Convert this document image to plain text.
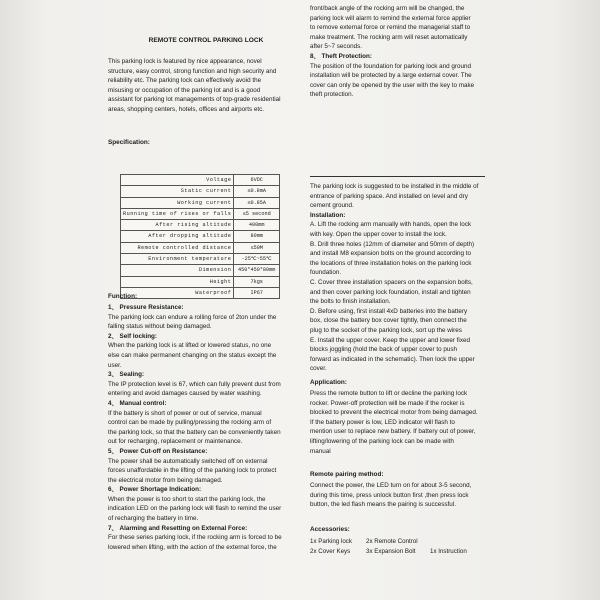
REMOTE CONTROL PARKING LOCK
This parking lock is featured by nice appearance, novel
structure, easy control, strong function and high security and
reliability etc. The parking lock can effectively avoid the
misusing or occupation of the parking lot and is a good
assistant for parking lot managements of top-grade residential
areas, shopping centers, hotels, offices and airports etc.
Specification:
Voltage	6VDC
Static current	≤0.8mA
Working current	≤0.85A
Running time of rises or falls	≤5 second
After rising altitude	400mm
After dropping altitude	80mm
Remote controlled distance	≤50M
Environment temperature	-25℃~55℃
Dimension	450*450*80mm
Height	7kgs
Waterproof	IP67
Function:
1、 Pressure Resistance:
The parking lock can endure a rolling force of 2ton under the
falling status without being damaged.
2、 Self locking:
When the parking lock is at lifted or lowered status, no one
else can make permanent changing on the status except the
user.
3、 Sealing:
The IP protection level is 67, which can fully prevent dust from
entering and avoid damages caused by water washing.
4、 Manual control:
If the battery is short of power or out of service, manual
control can be made by pulling/pressing the rocking arm of
the parking lock, so that the battery can be conveniently taken
out for recharging, replacement or maintenance.
5、 Power Cut-off on Resistance:
The power shall be automatically switched off on external
forces unaffordable in the lifting of the parking lock to protect
the electrical motor from being damaged.
6、 Power Shortage Indication:
When the power is too short to start the parking lock, the
indication LED on the parking lock will flash to remind the user
of recharging the battery in time.
7、 Alarming and Resetting on External Force:
For these series parking lock, if the rocking arm is forced to be
lowered when lifting, with the action of the external force, the
front/back angle of the rocking arm will be changed, the
parking lock will alarm to remind the external force applier
to remove external force or remind the managerial staff to
make treatment. The rocking arm will reset automatically
after 5~7 seconds.
8、 Theft Protection:
The position of the foundation for parking lock and ground
installation will be protected by a large external cover. The
cover can only be opened by the user with the key to make
theft protection.
The parking lock is suggested to be installed in the middle of
entrance of parking space. And installed on level and dry
cement ground.
Installation:
A. Lift the rocking arm manually with hands, open the lock
with key. Open the upper cover to install the lock.
B. Drill three holes (12mm of diameter and 50mm of depth)
and install M8 expansion bolts on the ground according to
the locations of three installation holes on the parking lock
foundation.
C. Cover three installation spacers on the expansion bolts,
and then cover parking lock foundation, install and tighten
the bolts to finish installation.
D. Before using, first install 4xD batteries into the battery
box, close the battery box cover tightly, then connect the
plug to the socket of the parking lock, sort up the wires
E. Install the upper cover. Keep the upper and lower fixed
blocks joggling (hold the back of upper cover to push
forward as indicated in the schematic). Then lock the upper
cover.
Application:
Press the remote button to lift or decline the parking lock
rocker. Power-off protection will be made if the rocker is
blocked to prevent the electrical motor from being damaged.
If the battery power is low, LED indicator will flash to
mention user to replace new battery. If battery out of power,
lifting/lowering of the parking lock can be made with
manual
Remote pairing method:
Connect the power, the LED turn on for about 3-5 second,
during this time, press unlock button first ,then press lock
button, the led flash means the pairing is successful.
Accessories:
1x Parking lock	2x Remote Control
2x Cover Keys	3x Expansion Bolt	1x Instruction
